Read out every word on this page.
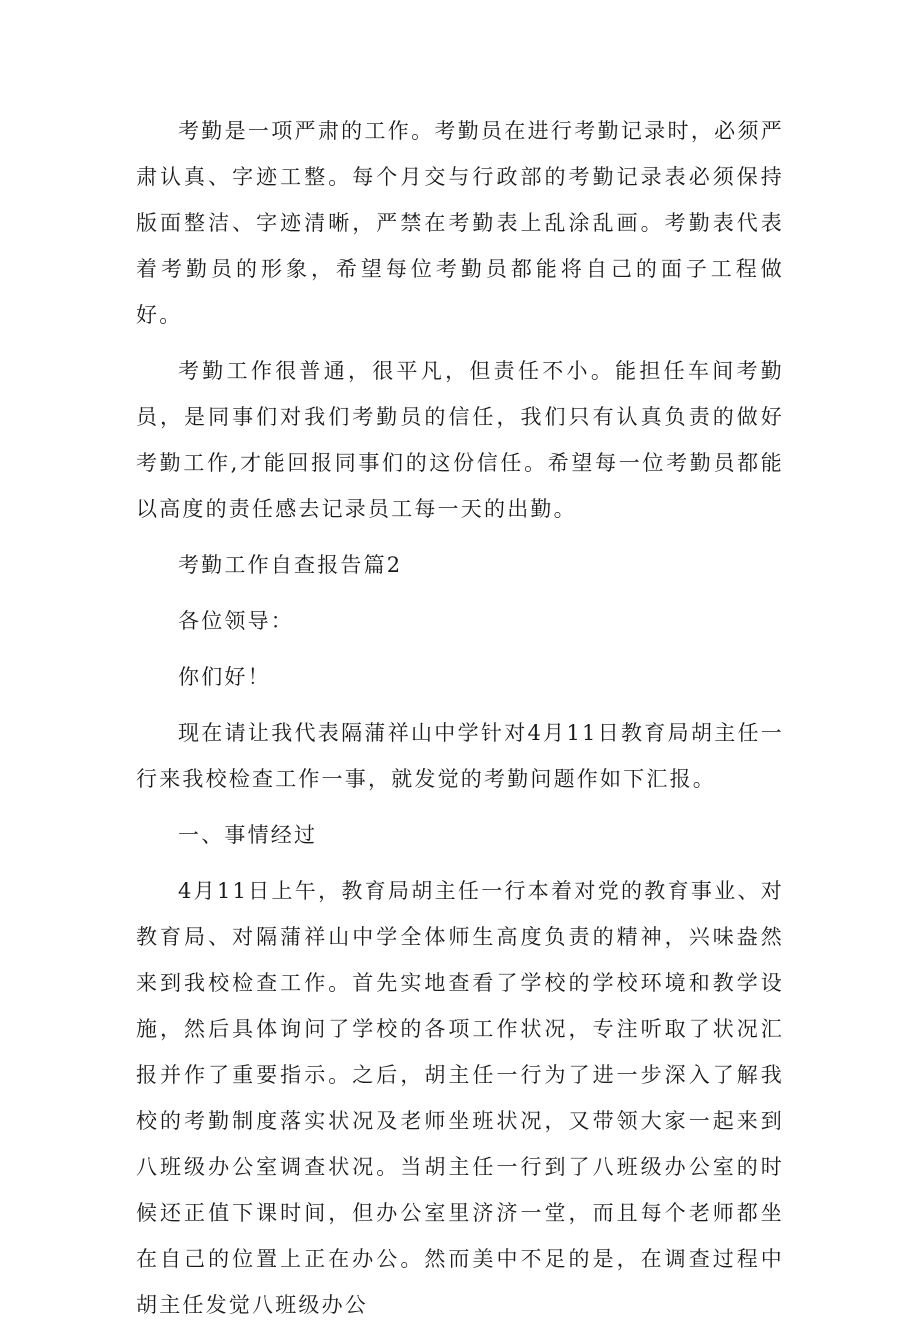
考勤是一项严肃的工作。考勤员在进行考勤记录时，必须严肃认真、字迹工整。每个月交与行政部的考勤记录表必须保持版面整洁、字迹清晰，严禁在考勤表上乱涂乱画。考勤表代表着考勤员的形象，希望每位考勤员都能将自己的面子工程做好。

考勤工作很普通，很平凡，但责任不小。能担任车间考勤员，是同事们对我们考勤员的信任，我们只有认真负责的做好考勤工作,才能回报同事们的这份信任。希望每一位考勤员都能以高度的责任感去记录员工每一天的出勤。

考勤工作自查报告篇2

各位领导：

你们好！

现在请让我代表隔蒲祥山中学针对4月11日教育局胡主任一行来我校检查工作一事，就发觉的考勤问题作如下汇报。

一、事情经过

4月11日上午，教育局胡主任一行本着对党的教育事业、对教育局、对隔蒲祥山中学全体师生高度负责的精神，兴味盎然来到我校检查工作。首先实地查看了学校的学校环境和教学设施，然后具体询问了学校的各项工作状况，专注听取了状况汇报并作了重要指示。之后，胡主任一行为了进一步深入了解我校的考勤制度落实状况及老师坐班状况，又带领大家一起来到八班级办公室调查状况。当胡主任一行到了八班级办公室的时候还正值下课时间，但办公室里济济一堂，而且每个老师都坐在自己的位置上正在办公。然而美中不足的是，在调查过程中胡主任发觉八班级办公
